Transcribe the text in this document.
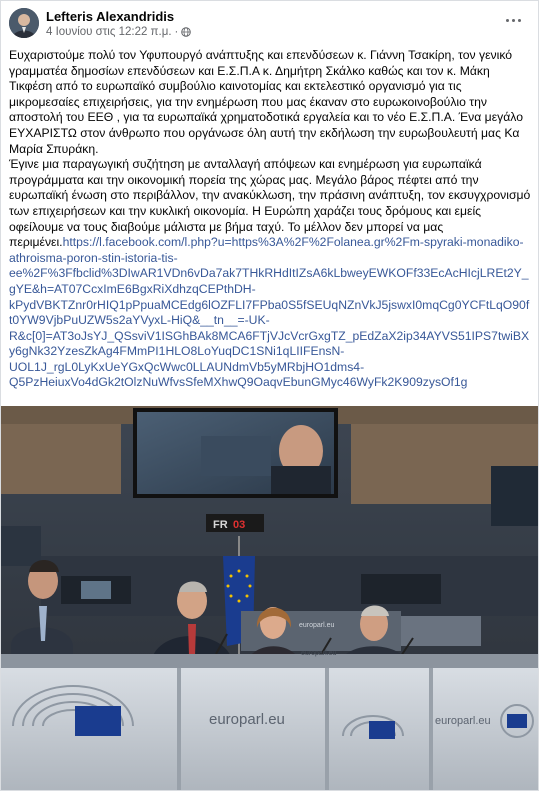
Lefteris Alexandridis
4 Ιουνίου στις 12:22 π.μ. ·

Ευχαριστούμε πολύ τον Υφυπουργό ανάπτυξης και επενδύσεων κ. Γιάννη Τσακίρη, τον γενικό γραμματέα δημοσίων επενδύσεων και Ε.Σ.Π.Α κ. Δημήτρη Σκάλκο καθώς και τον κ. Μάκη Τικφέση από το ευρωπαϊκό συμβούλιο καινοτομίας και εκτελεστικό οργανισμό για τις μικρομεσαίες επιχειρήσεις, για την ενημέρωση που μας έκαναν στο ευρωκοινοβούλιο την αποστολή του ΕΕΘ , για τα ευρωπαϊκά χρηματοδοτικά εργαλεία και το νέο Ε.Σ.Π.Α. Ένα μεγάλο ΕΥΧΑΡΙΣΤΩ στον άνθρωπο που οργάνωσε όλη αυτή την εκδήλωση την ευρωβουλευτή μας Κα Μαρία Σπυράκη.

Έγινε μια παραγωγική συζήτηση με ανταλλαγή απόψεων και ενημέρωση για ευρωπαϊκά προγράμματα και την οικονομική πορεία της χώρας μας. Μεγάλο βάρος πέφτει από την ευρωπαϊκή ένωση στο περιβάλλον, την ανακύκλωση, την πράσινη ανάπτυξη, τον εκσυγχρονισμό των επιχειρήσεων και την κυκλική οικονομία. Η Ευρώπη χαράζει τους δρόμους και εμείς οφείλουμε να τους διαβούμε μάλιστα με βήμα ταχύ. Το μέλλον δεν μπορεί να μας περιμένει.https://l.facebook.com/l.php?u=https%3A%2F%2Folanea.gr%2Fm-spyraki-monadiko-athroisma-poron-stin-istoria-tis-ee%2F%3Ffbclid%3DIwAR1VDn6vDa7ak7THkRHdItIZsA6kLbweyEWKOFf33EcAcHIcjLREt2Y_gYE&h=AT07CcxImE6BgxRiXdhzqCEPthDH-kPydVBKTZnr0rHIQ1pPpuaMCEdg6lOZFLI7FPba0S5fSEUqNZnVkJ5jswxI0mqCg0YCFtLqO90ft0YW9VjbPuUZW5s2aYVyxL-HiQ&__tn__=-UK-R&c[0]=AT3oJsYJ_QSsviV1ISGhBAk8MCA6FTjVJcVcrGxgTZ_pEdZaX2ip34AYVS51IPS7twiBXy6gNk32YzesZkAg4FMmPI1HLO8LoYuqDC1SNi1qLIIFEnsN-UOL1J_rgL0LyKxUeYGxQcWwc0LLAUNdmVb5yMRbjHO1dms4-Q5PzHeiuxVo4dGk2tOlzNuWfvsSfeMXhwQ9OaqvEbunGMyc46WyFk2K909zysOf1g

FR 03
europarl.eu	europarl.eu
europarl.eu
europarl.eu
